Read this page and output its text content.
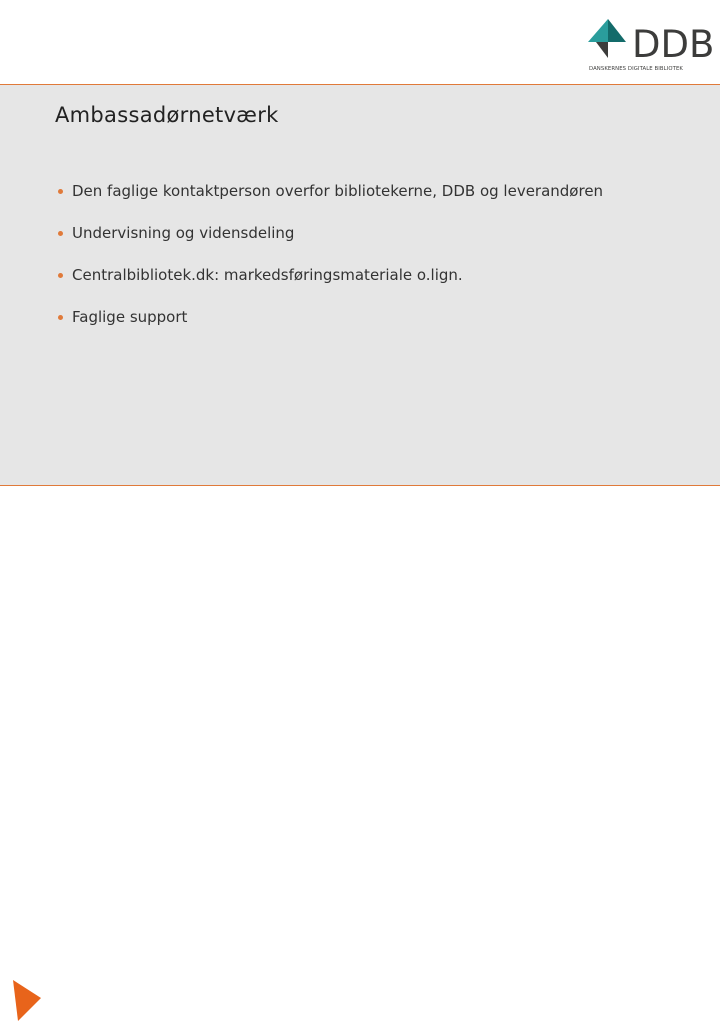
DDB
DANSKERNES DIGITALE BIBLIOTEK
Ambassadørnetværk
Den faglige kontaktperson overfor bibliotekerne, DDB og leverandøren
Undervisning og vidensdeling
Centralbibliotek.dk: markedsføringsmateriale o.lign.
Faglige support
